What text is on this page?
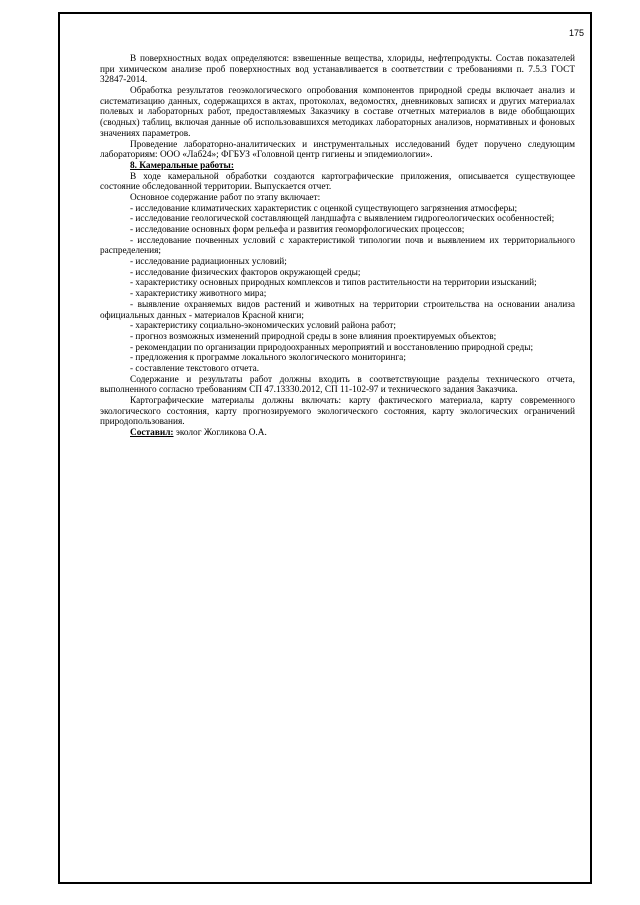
175

В поверхностных водах определяются: взвешенные вещества, хлориды, нефтепродукты. Состав показателей при химическом анализе проб поверхностных вод устанавливается в соответствии с требованиями п. 7.5.3 ГОСТ 32847-2014.

Обработка результатов геоэкологического опробования компонентов природной среды включает анализ и систематизацию данных, содержащихся в актах, протоколах, ведомостях, дневниковых записях и других материалах полевых и лабораторных работ, предоставляемых Заказчику в составе отчетных материалов в виде обобщающих (сводных) таблиц, включая данные об использовавшихся методиках лабораторных анализов, нормативных и фоновых значениях параметров.

Проведение лабораторно-аналитических и инструментальных исследований будет поручено следующим лабораториям: ООО «Лаб24»; ФГБУЗ «Головной центр гигиены и эпидемиологии».

8. Камеральные работы:

В ходе камеральной обработки создаются картографические приложения, описывается существующее состояние обследованной территории. Выпускается отчет.

Основное содержание работ по этапу включает:

- исследование климатических характеристик с оценкой существующего загрязнения атмосферы;

- исследование геологической составляющей ландшафта с выявлением гидрогеологических особенностей;

- исследование основных форм рельефа и развития геоморфологических процессов;

- исследование почвенных условий с характеристикой типологии почв и выявлением их территориального распределения;

- исследование радиационных условий;

- исследование физических факторов окружающей среды;

- характеристику основных природных комплексов и типов растительности на территории изысканий;

- характеристику животного мира;

- выявление охраняемых видов растений и животных на территории строительства на основании анализа официальных данных - материалов Красной книги;

- характеристику социально-экономических условий района работ;

- прогноз возможных изменений природной среды в зоне влияния проектируемых объектов;

- рекомендации по организации природоохранных мероприятий и восстановлению природной среды;

- предложения к программе локального экологического мониторинга;

- составление текстового отчета.

Содержание и результаты работ должны входить в соответствующие разделы технического отчета, выполненного согласно требованиям СП 47.13330.2012, СП 11-102-97 и технического задания Заказчика.

Картографические материалы должны включать: карту фактического материала, карту современного экологического состояния, карту прогнозируемого экологического состояния, карту экологических ограничений природопользования.

Составил: эколог Жогликова О.А.
